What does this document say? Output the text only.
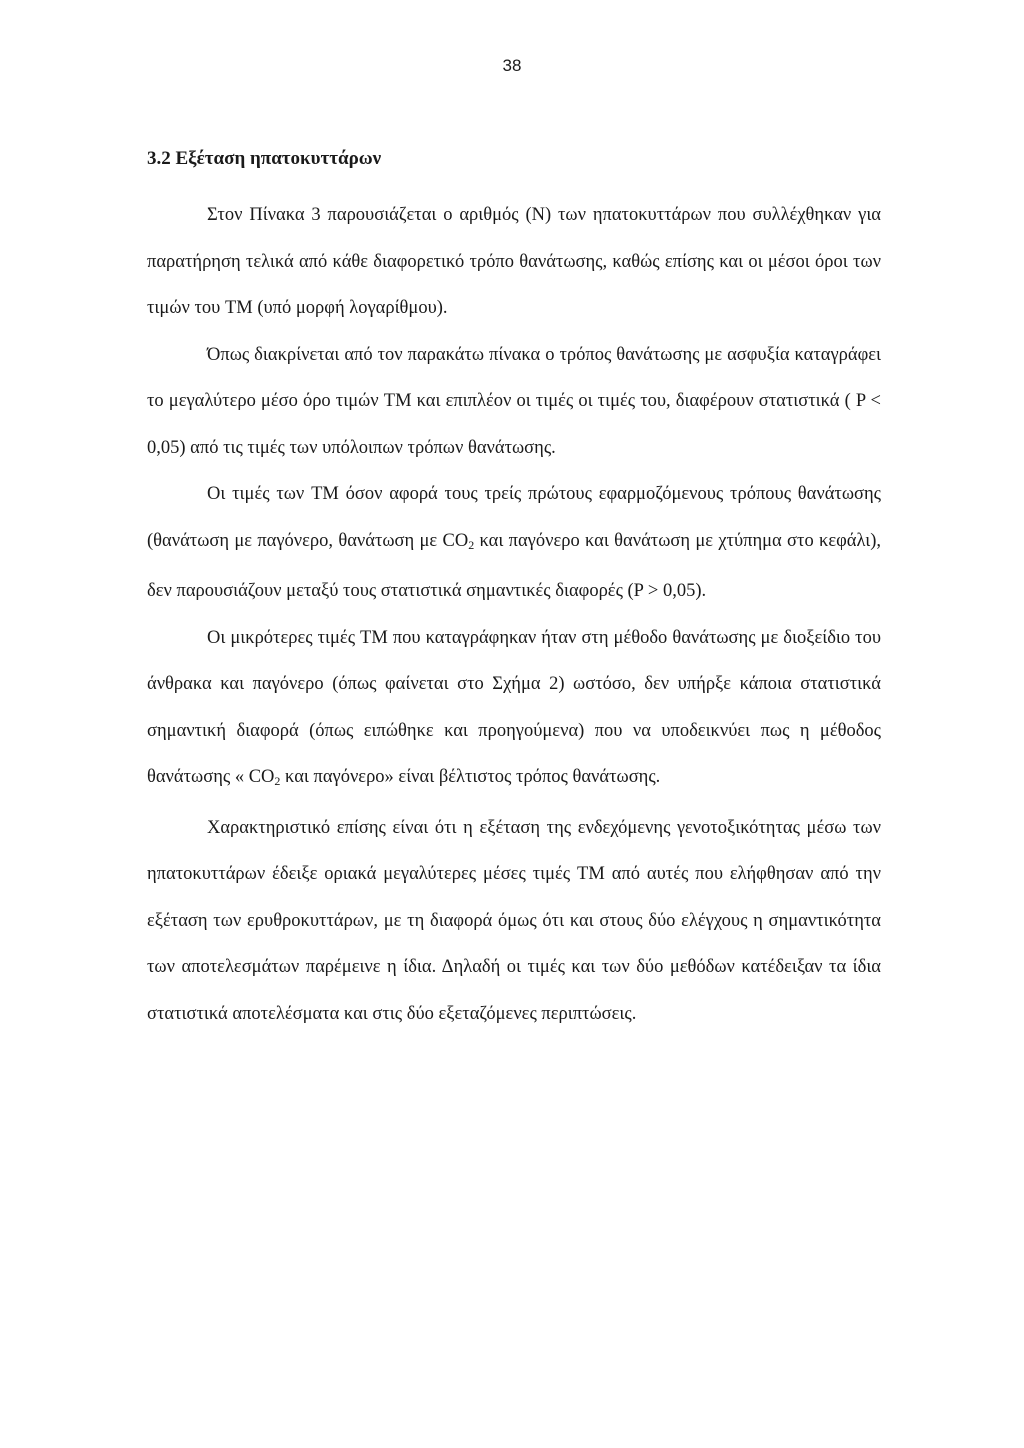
38
3.2 Εξέταση ηπατοκυττάρων

Στον Πίνακα 3 παρουσιάζεται ο αριθμός (N) των ηπατοκυττάρων που συλλέχθηκαν για παρατήρηση τελικά από κάθε διαφορετικό τρόπο θανάτωσης, καθώς επίσης και οι μέσοι όροι των τιμών του TM (υπό μορφή λογαρίθμου).

Όπως διακρίνεται από τον παρακάτω πίνακα ο τρόπος θανάτωσης με ασφυξία καταγράφει το μεγαλύτερο μέσο όρο τιμών TM και επιπλέον οι τιμές οι τιμές του, διαφέρουν στατιστικά ( P < 0,05) από τις τιμές των υπόλοιπων τρόπων θανάτωσης.

Οι τιμές των TM όσον αφορά τους τρείς πρώτους εφαρμοζόμενους τρόπους θανάτωσης (θανάτωση με παγόνερο, θανάτωση με $CO_2$ και παγόνερο και θανάτωση με χτύπημα στο κεφάλι), δεν παρουσιάζουν μεταξύ τους στατιστικά σημαντικές διαφορές (P > 0,05).

Οι μικρότερες τιμές TM που καταγράφηκαν ήταν στη μέθοδο θανάτωσης με διοξείδιο του άνθρακα και παγόνερο (όπως φαίνεται στο Σχήμα 2) ωστόσο, δεν υπήρξε κάποια στατιστικά σημαντική διαφορά (όπως ειπώθηκε και προηγούμενα) που να υποδεικνύει πως η μέθοδος θανάτωσης « $CO_2$ και παγόνερο» είναι βέλτιστος τρόπος θανάτωσης.

Χαρακτηριστικό επίσης είναι ότι η εξέταση της ενδεχόμενης γενοτοξικότητας μέσω των ηπατοκυττάρων έδειξε οριακά μεγαλύτερες μέσες τιμές TM από αυτές που ελήφθησαν από την εξέταση των ερυθροκυττάρων, με τη διαφορά όμως ότι και στους δύο ελέγχους η σημαντικότητα των αποτελεσμάτων παρέμεινε η ίδια. Δηλαδή οι τιμές και των δύο μεθόδων κατέδειξαν τα ίδια στατιστικά αποτελέσματα και στις δύο εξεταζόμενες περιπτώσεις.
